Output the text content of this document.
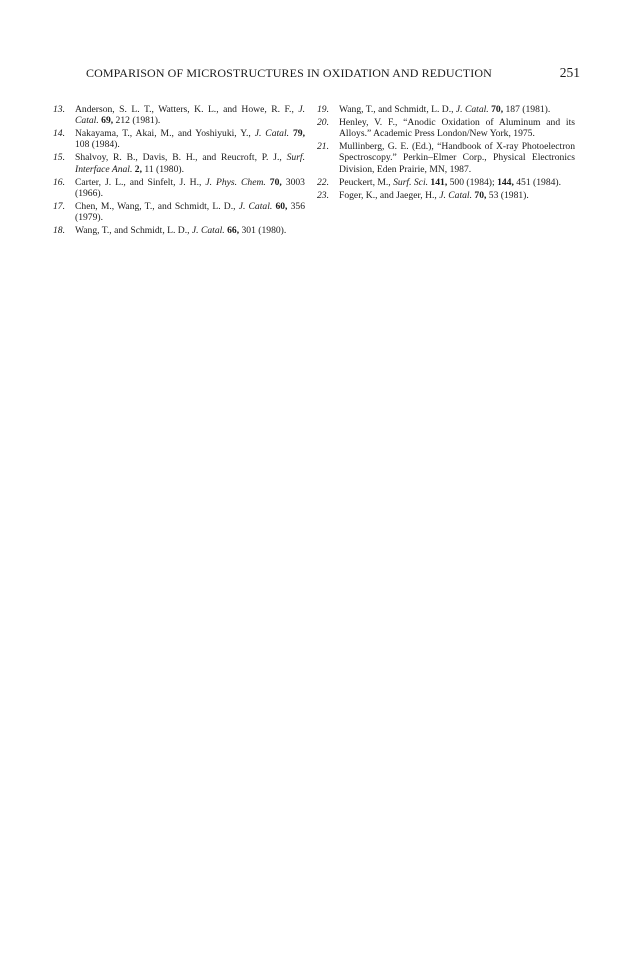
COMPARISON OF MICROSTRUCTURES IN OXIDATION AND REDUCTION	251
13. Anderson, S. L. T., Watters, K. L., and Howe, R. F., J. Catal. 69, 212 (1981).
14. Nakayama, T., Akai, M., and Yoshiyuki, Y., J. Catal. 79, 108 (1984).
15. Shalvoy, R. B., Davis, B. H., and Reucroft, P. J., Surf. Interface Anal. 2, 11 (1980).
16. Carter, J. L., and Sinfelt, J. H., J. Phys. Chem. 70, 3003 (1966).
17. Chen, M., Wang, T., and Schmidt, L. D., J. Catal. 60, 356 (1979).
18. Wang, T., and Schmidt, L. D., J. Catal. 66, 301 (1980).
19. Wang, T., and Schmidt, L. D., J. Catal. 70, 187 (1981).
20. Henley, V. F., “Anodic Oxidation of Aluminum and its Alloys.” Academic Press London/New York, 1975.
21. Mullinberg, G. E. (Ed.), “Handbook of X-ray Photoelectron Spectroscopy.” Perkin–Elmer Corp., Physical Electronics Division, Eden Prairie, MN, 1987.
22. Peuckert, M., Surf. Sci. 141, 500 (1984); 144, 451 (1984).
23. Foger, K., and Jaeger, H., J. Catal. 70, 53 (1981).
